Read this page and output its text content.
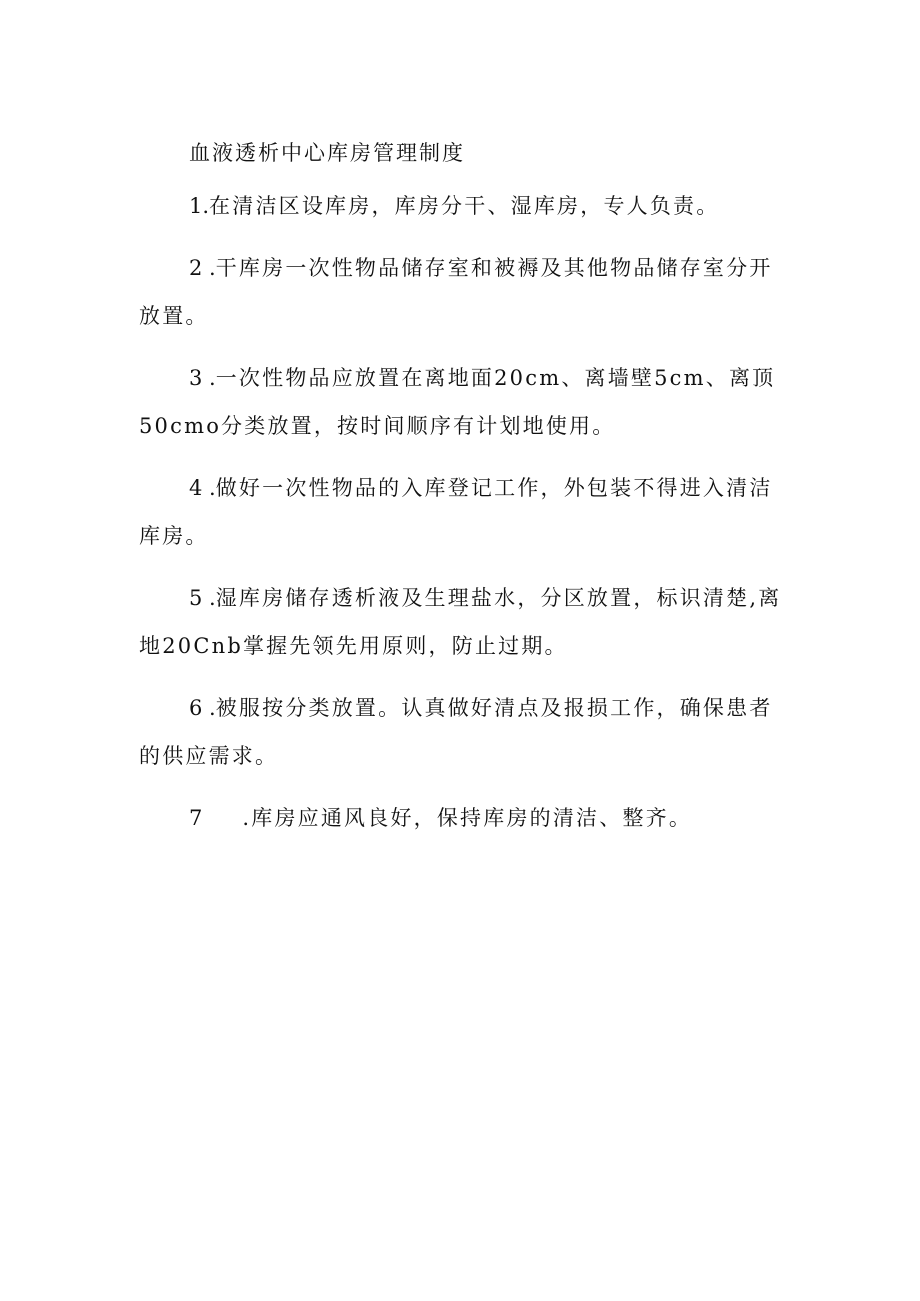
血液透析中心库房管理制度

1.在清洁区设库房，库房分干、湿库房，专人负责。

2 .干库房一次性物品储存室和被褥及其他物品储存室分开放置。

3 .一次性物品应放置在离地面20cm、离墙壁5cm、离顶50cmo分类放置，按时间顺序有计划地使用。

4 .做好一次性物品的入库登记工作，外包装不得进入清洁库房。

5 .湿库房储存透析液及生理盐水，分区放置，标识清楚,离地20Cnb掌握先领先用原则，防止过期。

6 .被服按分类放置。认真做好清点及报损工作，确保患者的供应需求。

7 .库房应通风良好，保持库房的清洁、整齐。
